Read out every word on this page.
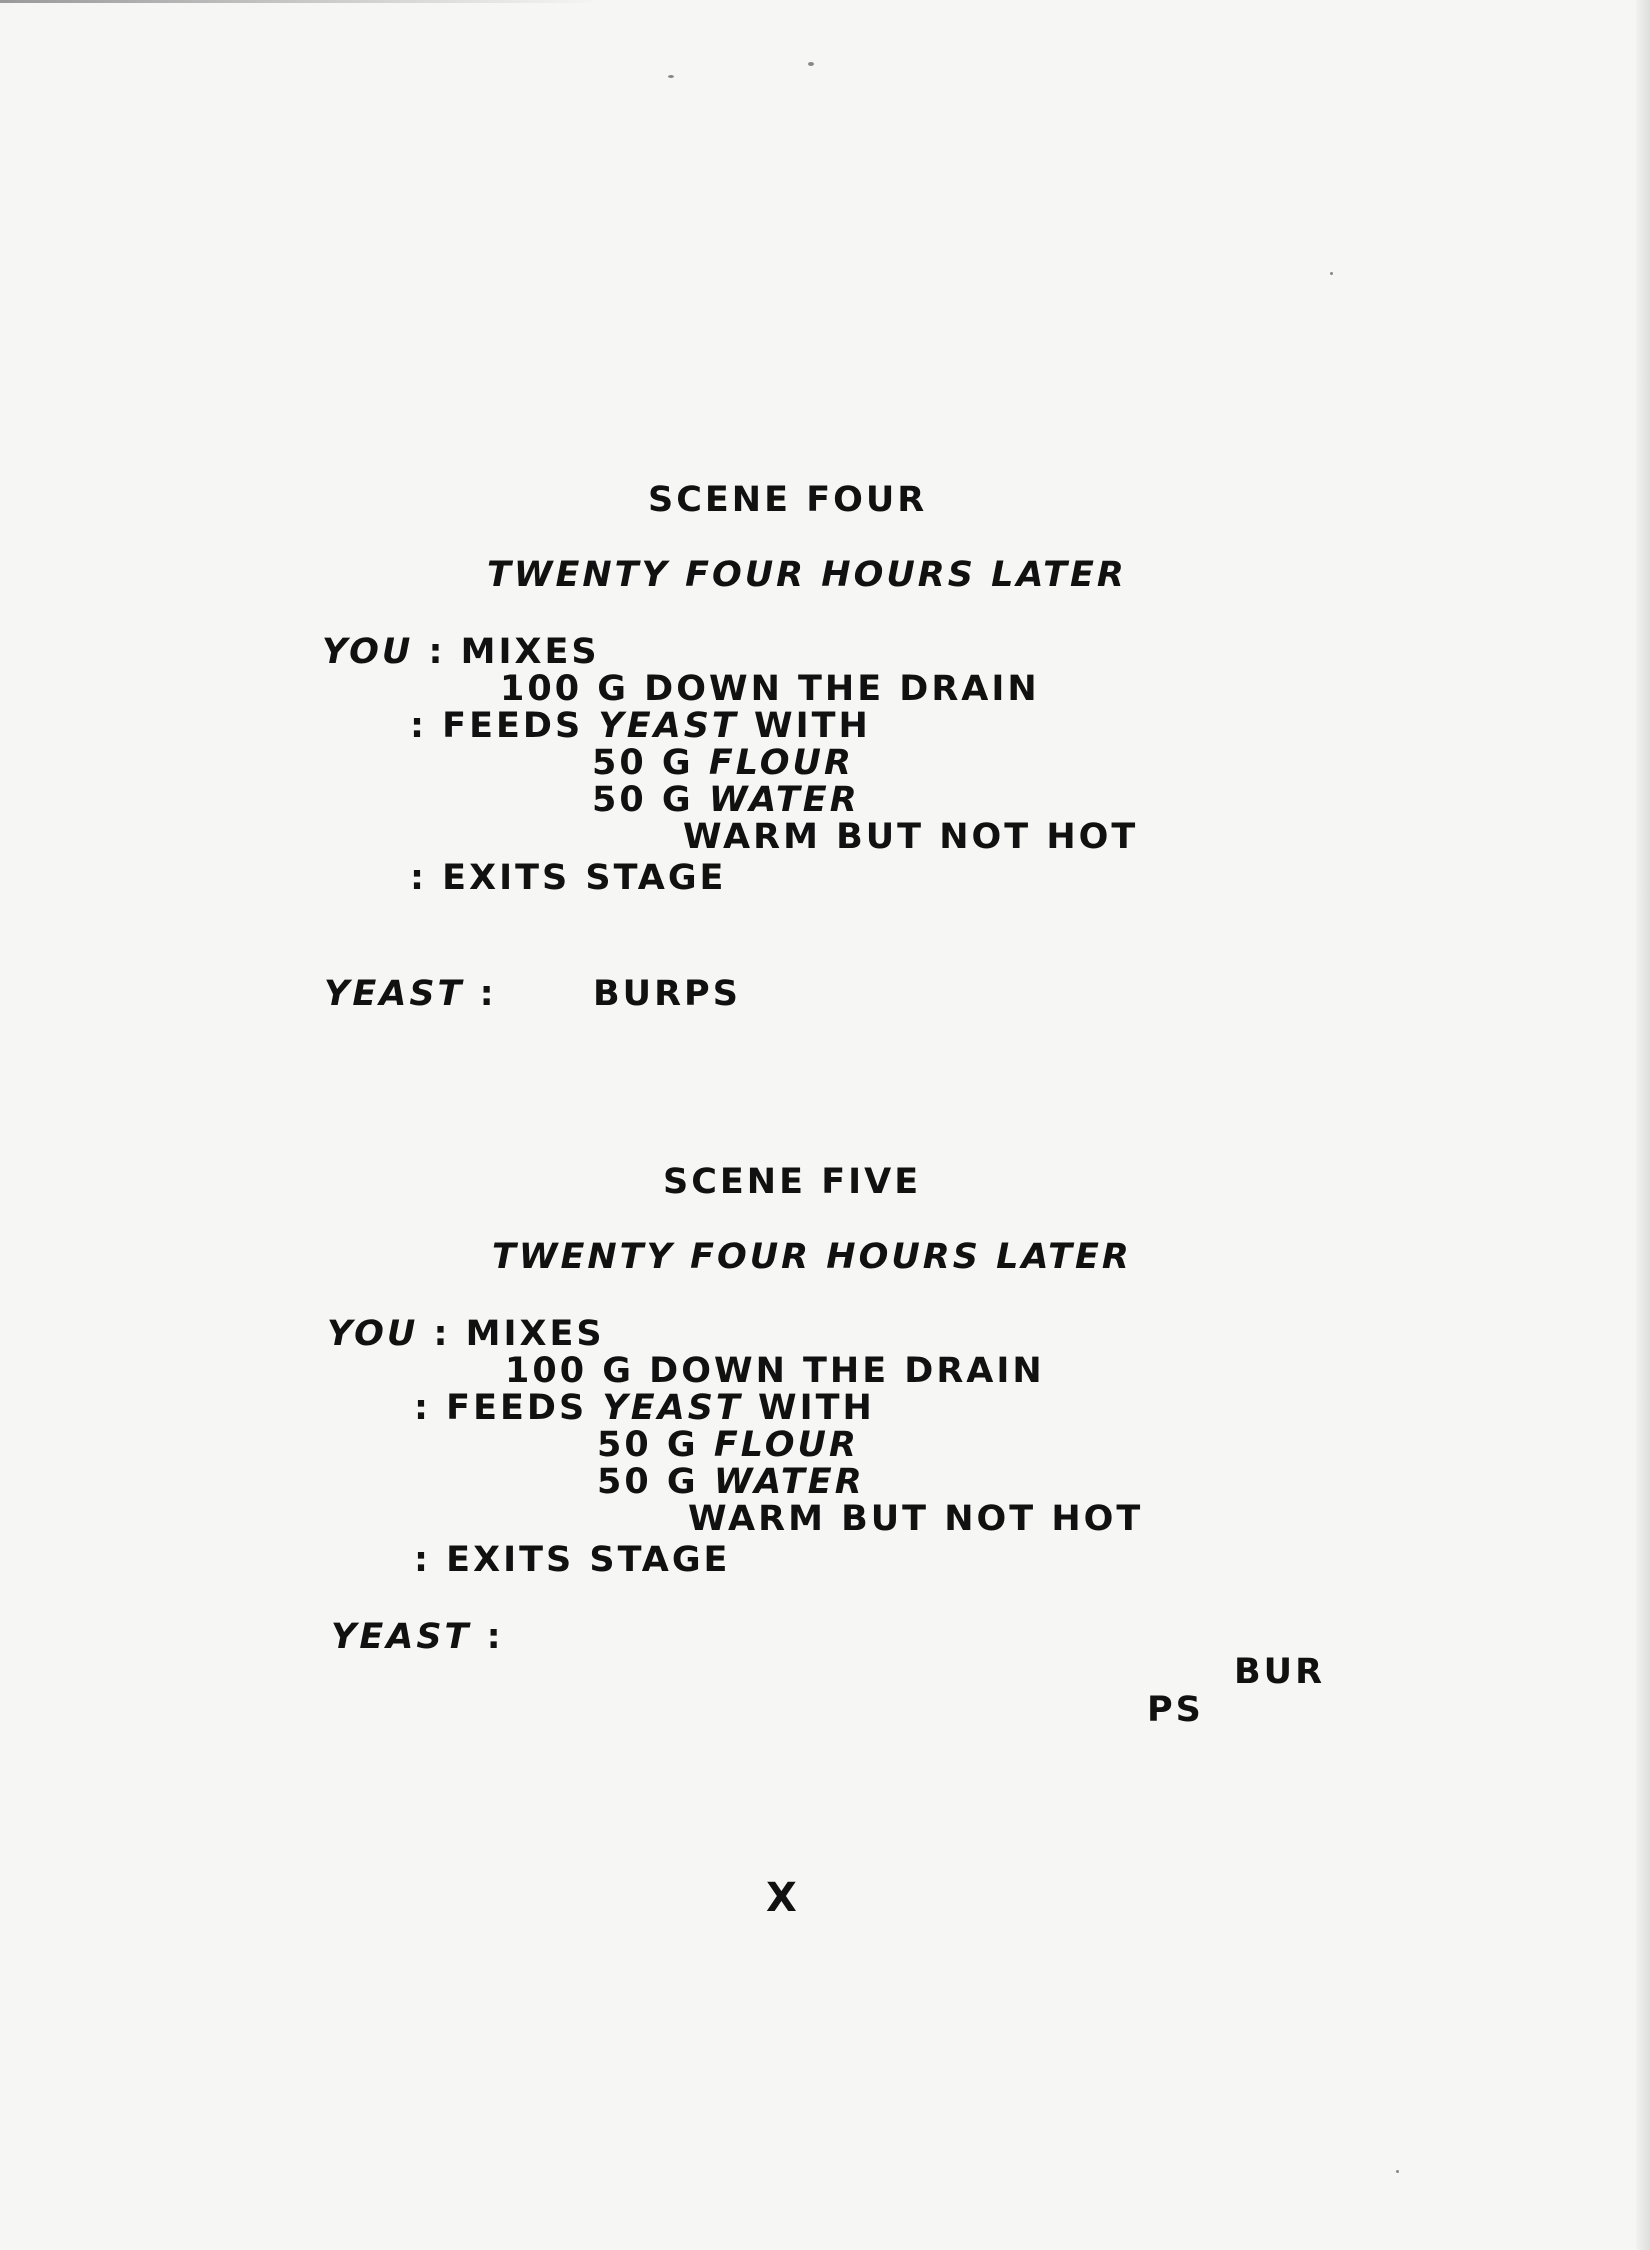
SCENE FOUR
TWENTY FOUR HOURS LATER
YOU : MIXES
100 G DOWN THE DRAIN
: FEEDS YEAST WITH
50 G FLOUR
50 G WATER
WARM BUT NOT HOT
: EXITS STAGE
YEAST :	BURPS
SCENE FIVE
TWENTY FOUR HOURS LATER
YOU : MIXES
100 G DOWN THE DRAIN
: FEEDS YEAST WITH
50 G FLOUR
50 G WATER
WARM BUT NOT HOT
: EXITS STAGE
YEAST :
BUR
PS
X
